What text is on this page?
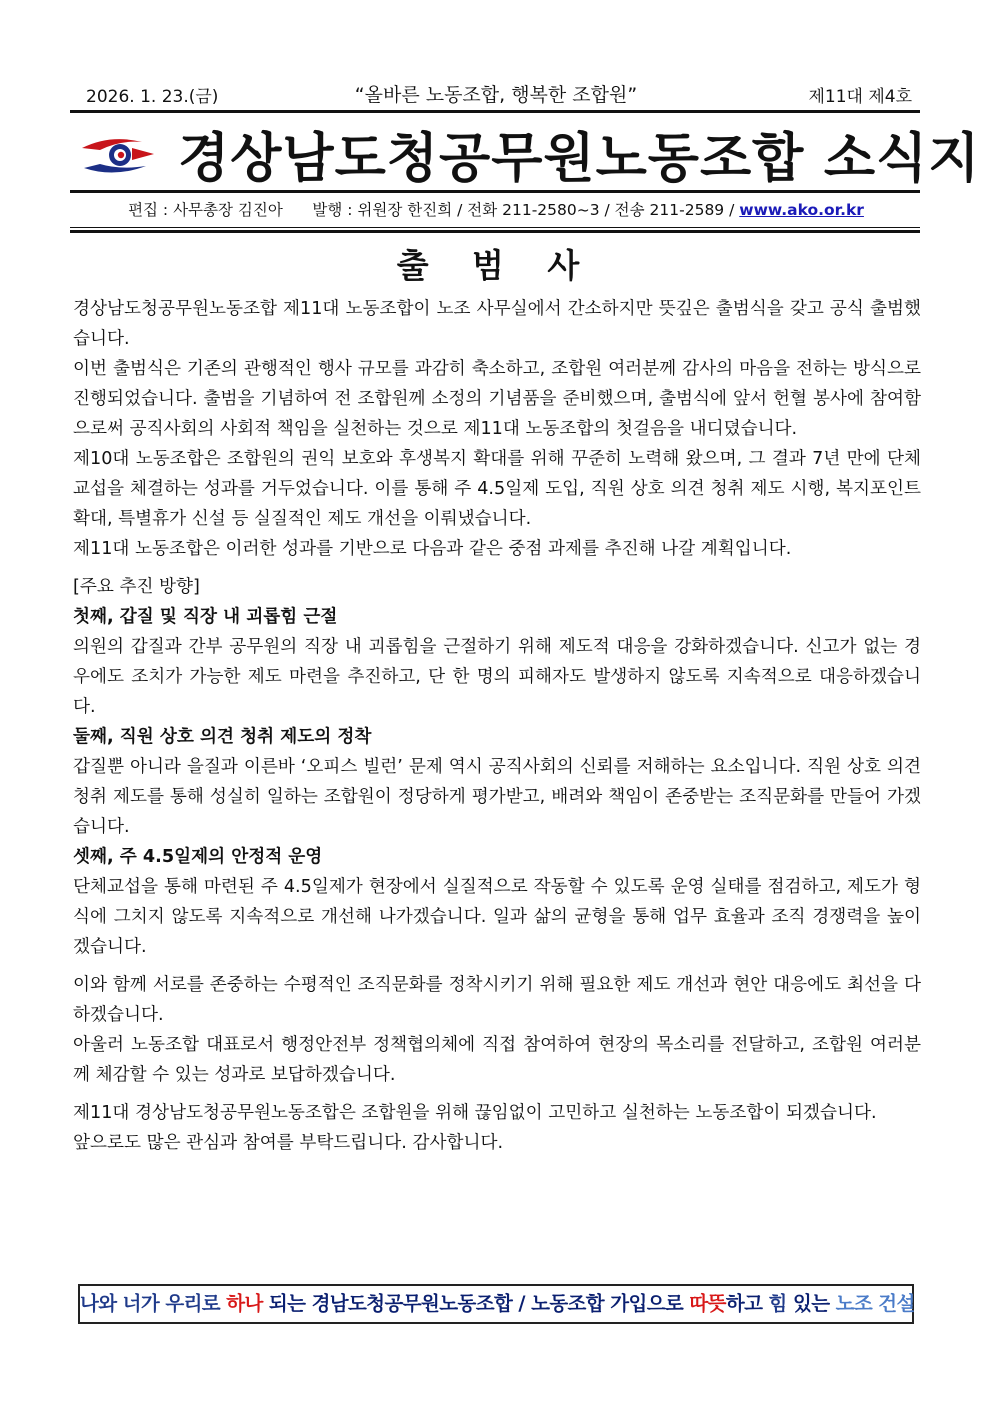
2026. 1. 23.(금)	“올바른 노동조합, 행복한 조합원”	제11대 제4호
경상남도청공무원노동조합 소식지
편집 : 사무총장 김진아 발행 : 위원장 한진희 / 전화 211-2580~3 / 전송 211-2589 / www.ako.or.kr
출 범 사

경상남도청공무원노동조합 제11대 노동조합이 노조 사무실에서 간소하지만 뜻깊은 출범식을 갖고 공식 출범했습니다.

이번 출범식은 기존의 관행적인 행사 규모를 과감히 축소하고, 조합원 여러분께 감사의 마음을 전하는 방식으로 진행되었습니다. 출범을 기념하여 전 조합원께 소정의 기념품을 준비했으며, 출범식에 앞서 헌혈 봉사에 참여함으로써 공직사회의 사회적 책임을 실천하는 것으로 제11대 노동조합의 첫걸음을 내디뎠습니다.

제10대 노동조합은 조합원의 권익 보호와 후생복지 확대를 위해 꾸준히 노력해 왔으며, 그 결과 7년 만에 단체교섭을 체결하는 성과를 거두었습니다. 이를 통해 주 4.5일제 도입, 직원 상호 의견 청취 제도 시행, 복지포인트 확대, 특별휴가 신설 등 실질적인 제도 개선을 이뤄냈습니다.

제11대 노동조합은 이러한 성과를 기반으로 다음과 같은 중점 과제를 추진해 나갈 계획입니다.

[주요 추진 방향]

첫째, 갑질 및 직장 내 괴롭힘 근절

의원의 갑질과 간부 공무원의 직장 내 괴롭힘을 근절하기 위해 제도적 대응을 강화하겠습니다. 신고가 없는 경우에도 조치가 가능한 제도 마련을 추진하고, 단 한 명의 피해자도 발생하지 않도록 지속적으로 대응하겠습니다.

둘째, 직원 상호 의견 청취 제도의 정착

갑질뿐 아니라 을질과 이른바 ‘오피스 빌런’ 문제 역시 공직사회의 신뢰를 저해하는 요소입니다. 직원 상호 의견 청취 제도를 통해 성실히 일하는 조합원이 정당하게 평가받고, 배려와 책임이 존중받는 조직문화를 만들어 가겠습니다.

셋째, 주 4.5일제의 안정적 운영

단체교섭을 통해 마련된 주 4.5일제가 현장에서 실질적으로 작동할 수 있도록 운영 실태를 점검하고, 제도가 형식에 그치지 않도록 지속적으로 개선해 나가겠습니다. 일과 삶의 균형을 통해 업무 효율과 조직 경쟁력을 높이겠습니다.

이와 함께 서로를 존중하는 수평적인 조직문화를 정착시키기 위해 필요한 제도 개선과 현안 대응에도 최선을 다하겠습니다.

아울러 노동조합 대표로서 행정안전부 정책협의체에 직접 참여하여 현장의 목소리를 전달하고, 조합원 여러분께 체감할 수 있는 성과로 보답하겠습니다.

제11대 경상남도청공무원노동조합은 조합원을 위해 끊임없이 고민하고 실천하는 노동조합이 되겠습니다.

앞으로도 많은 관심과 참여를 부탁드립니다. 감사합니다.

나와 너가 우리로 하나 되는 경남도청공무원노동조합 / 노동조합 가입으로 따뜻하고 힘 있는 노조 건설
